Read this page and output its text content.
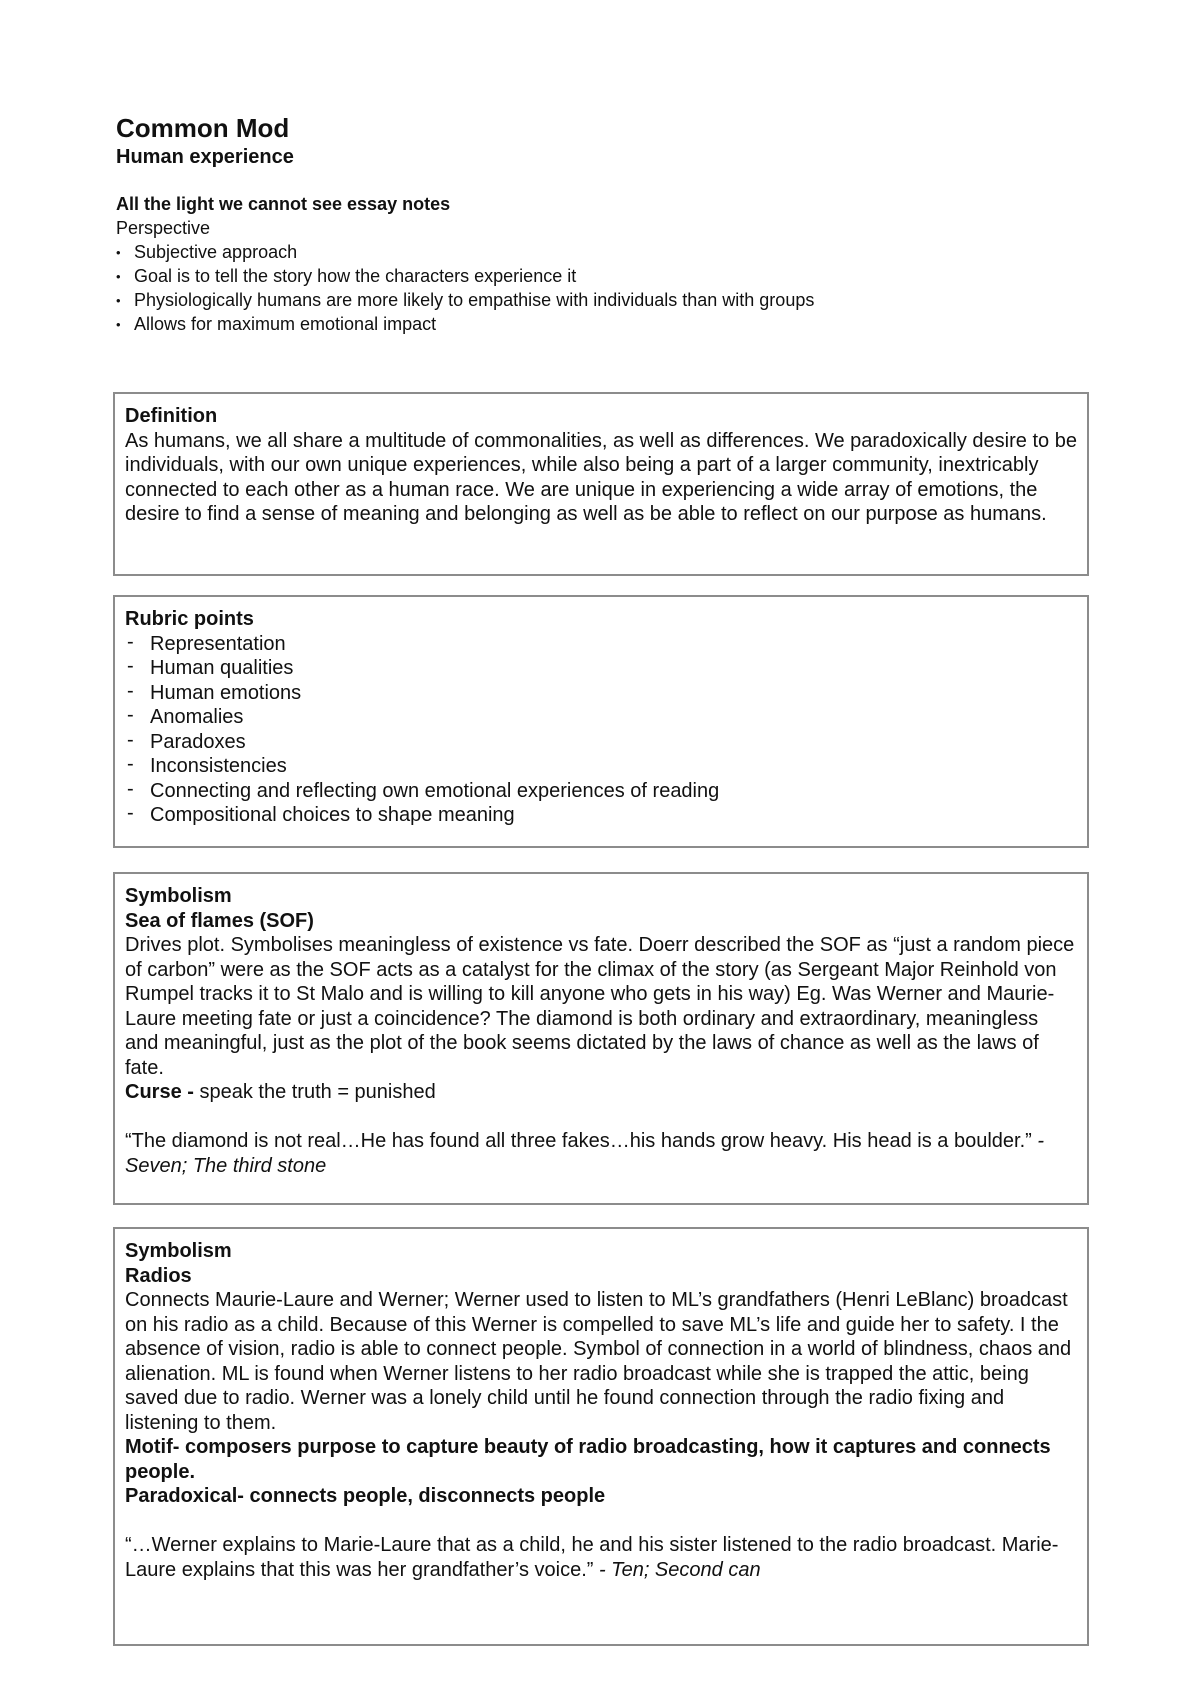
Common Mod
Human experience

All the light we cannot see essay notes

Perspective

• Subjective approach
• Goal is to tell the story how the characters experience it
• Physiologically humans are more likely to empathise with individuals than with groups
• Allows for maximum emotional impact

Definition

As humans, we all share a multitude of commonalities, as well as differences. We paradoxically desire to be individuals, with our own unique experiences, while also being a part of a larger community, inextricably connected to each other as a human race. We are unique in experiencing a wide array of emotions, the desire to find a sense of meaning and belonging as well as be able to reflect on our purpose as humans.

Rubric points

- Representation
- Human qualities
- Human emotions
- Anomalies
- Paradoxes
- Inconsistencies
- Connecting and reflecting own emotional experiences of reading
- Compositional choices to shape meaning

Symbolism

Sea of flames (SOF)

Drives plot. Symbolises meaningless of existence vs fate. Doerr described the SOF as “just a random piece of carbon” were as the SOF acts as a catalyst for the climax of the story (as Sergeant Major Reinhold von Rumpel tracks it to St Malo and is willing to kill anyone who gets in his way) Eg. Was Werner and Maurie-Laure meeting fate or just a coincidence? The diamond is both ordinary and extraordinary, meaningless and meaningful, just as the plot of the book seems dictated by the laws of chance as well as the laws of fate.

Curse - speak the truth = punished

“The diamond is not real…He has found all three fakes…his hands grow heavy. His head is a boulder.” - Seven; The third stone

Symbolism

Radios

Connects Maurie-Laure and Werner; Werner used to listen to ML’s grandfathers (Henri LeBlanc) broadcast on his radio as a child. Because of this Werner is compelled to save ML’s life and guide her to safety. I the absence of vision, radio is able to connect people. Symbol of connection in a world of blindness, chaos and alienation. ML is found when Werner listens to her radio broadcast while she is trapped the attic, being saved due to radio. Werner was a lonely child until he found connection through the radio fixing and listening to them.

Motif- composers purpose to capture beauty of radio broadcasting, how it captures and connects people.

Paradoxical- connects people, disconnects people

“…Werner explains to Marie-Laure that as a child, he and his sister listened to the radio broadcast. Marie-Laure explains that this was her grandfather’s voice.” - Ten; Second can
